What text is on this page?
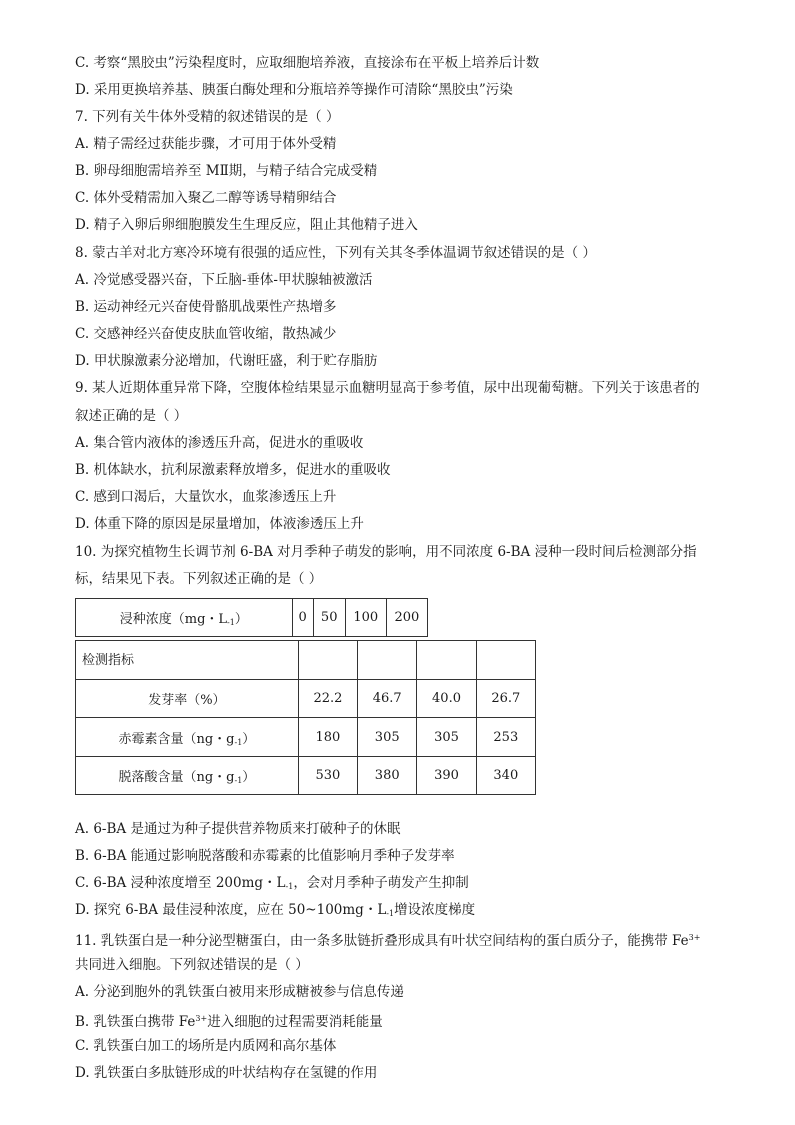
C. 考察“黑胶虫”污染程度时，应取细胞培养液，直接涂布在平板上培养后计数
D. 采用更换培养基、胰蛋白酶处理和分瓶培养等操作可清除“黑胶虫”污染
7. 下列有关牛体外受精的叙述错误的是（ ）
A. 精子需经过获能步骤，才可用于体外受精
B. 卵母细胞需培养至 MⅡ期，与精子结合完成受精
C. 体外受精需加入聚乙二醇等诱导精卵结合
D. 精子入卵后卵细胞膜发生生理反应，阻止其他精子进入
8. 蒙古羊对北方寒冷环境有很强的适应性，下列有关其冬季体温调节叙述错误的是（ ）
A. 冷觉感受器兴奋，下丘脑-垂体-甲状腺轴被激活
B. 运动神经元兴奋使骨骼肌战栗性产热增多
C. 交感神经兴奋使皮肤血管收缩，散热减少
D. 甲状腺激素分泌增加，代谢旺盛，利于贮存脂肪
9. 某人近期体重异常下降，空腹体检结果显示血糖明显高于参考值，尿中出现葡萄糖。下列关于该患者的
叙述正确的是（ ）
A. 集合管内液体的渗透压升高，促进水的重吸收
B. 机体缺水，抗利尿激素释放增多，促进水的重吸收
C. 感到口渴后，大量饮水，血浆渗透压上升
D. 体重下降的原因是尿量增加，体液渗透压上升
10. 为探究植物生长调节剂 6-BA 对月季种子萌发的影响，用不同浓度 6-BA 浸种一段时间后检测部分指
标，结果见下表。下列叙述正确的是（ ）
浸种浓度（mg・$L_{-1}$）	0	50	100	200
检测指标				
发芽率（%）	22.2	46.7	40.0	26.7
赤霉素含量（ng・$g_{-1}$）	180	305	305	253
脱落酸含量（ng・$g_{-1}$）	530	380	390	340
A. 6-BA 是通过为种子提供营养物质来打破种子的休眠
B. 6-BA 能通过影响脱落酸和赤霉素的比值影响月季种子发芽率
C. 6-BA 浸种浓度增至 200mg・$L_{-1}$，会对月季种子萌发产生抑制
D. 探究 6-BA 最佳浸种浓度，应在 50~100mg・$L_{-1}$增设浓度梯度
11. 乳铁蛋白是一种分泌型糖蛋白，由一条多肽链折叠形成具有叶状空间结构的蛋白质分子，能携带 $Fe^{3+}$
共同进入细胞。下列叙述错误的是（ ）
A. 分泌到胞外的乳铁蛋白被用来形成糖被参与信息传递
B. 乳铁蛋白携带 $Fe^{3+}$进入细胞的过程需要消耗能量
C. 乳铁蛋白加工的场所是内质网和高尔基体
D. 乳铁蛋白多肽链形成的叶状结构存在氢键的作用
